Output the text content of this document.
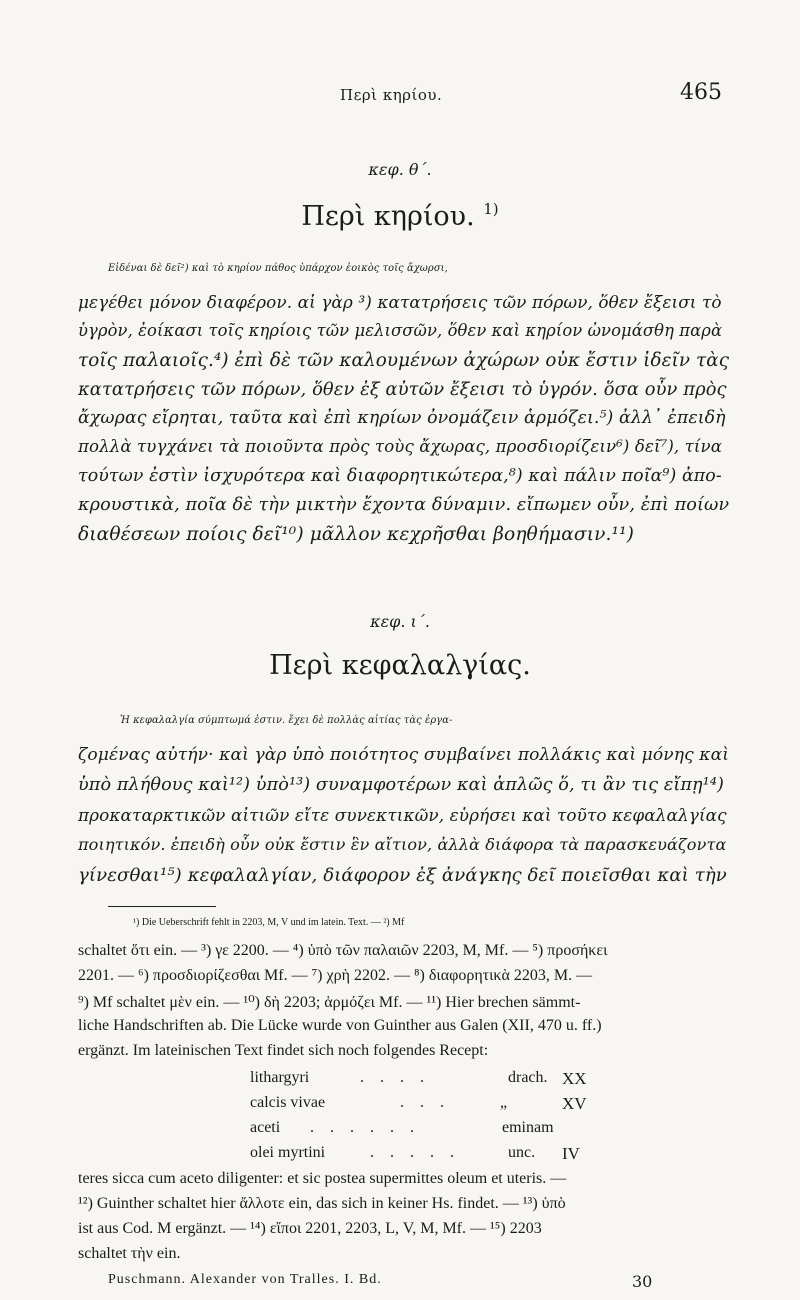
Περὶ κηρίου.	465
κεφ. θ΄.
Περὶ κηρίου. $^{1)}$
Εἰδέναι δὲ δεῖ²) καὶ τὸ κηρίον πάθος ὑπάρχον ἐοικὸς τοῖς ἄχωρσι,
μεγέθει μόνον διαφέρον. αἱ γὰρ ³) κατατρήσεις τῶν πόρων, ὅθεν ἔξεισι τὸ
ὑγρὸν, ἐοίκασι τοῖς κηρίοις τῶν μελισσῶν, ὅθεν καὶ κηρίον ὠνομάσθη παρὰ
τοῖς παλαιοῖς.⁴) ἐπὶ δὲ τῶν καλουμένων ἀχώρων οὐκ ἔστιν ἰδεῖν τὰς
κατατρήσεις τῶν πόρων, ὅθεν ἐξ αὐτῶν ἔξεισι τὸ ὑγρόν. ὅσα οὖν πρὸς
ἄχωρας εἴρηται, ταῦτα καὶ ἐπὶ κηρίων ὀνομάζειν ἁρμόζει.⁵) ἀλλ᾽ ἐπειδὴ
πολλὰ τυγχάνει τὰ ποιοῦντα πρὸς τοὺς ἄχωρας, προσδιορίζειν⁶) δεῖ⁷), τίνα
τούτων ἐστὶν ἰσχυρότερα καὶ διαφορητικώτερα,⁸) καὶ πάλιν ποῖα⁹) ἀπο-
κρουστικὰ, ποῖα δὲ τὴν μικτὴν ἔχοντα δύναμιν. εἴπωμεν οὖν, ἐπὶ ποίων
διαθέσεων ποίοις δεῖ¹⁰) μᾶλλον κεχρῆσθαι βοηθήμασιν.¹¹)
κεφ. ι΄.
Περὶ κεφαλαλγίας.
Ἡ κεφαλαλγία σύμπτωμά ἐστιν. ἔχει δὲ πολλὰς αἰτίας τὰς ἐργα-
ζομένας αὐτήν· καὶ γὰρ ὑπὸ ποιότητος συμβαίνει πολλάκις καὶ μόνης καὶ
ὑπὸ πλήθους καὶ¹²) ὑπὸ¹³) συναμφοτέρων καὶ ἁπλῶς ὅ, τι ἂν τις εἴπῃ¹⁴)
προκαταρκτικῶν αἰτιῶν εἴτε συνεκτικῶν, εὑρήσει καὶ τοῦτο κεφαλαλγίας
ποιητικόν. ἐπειδὴ οὖν οὐκ ἔστιν ἓν αἴτιον, ἀλλὰ διάφορα τὰ παρασκευάζοντα
γίνεσθαι¹⁵) κεφαλαλγίαν, διάφορον ἐξ ἀνάγκης δεῖ ποιεῖσθαι καὶ τὴν
¹) Die Ueberschrift fehlt in 2203, M, V und im latein. Text. — ²) Mf
schaltet ὅτι ein. — ³) γε 2200. — ⁴) ὑπὸ τῶν παλαιῶν 2203, M, Mf. — ⁵) προσήκει
2201. — ⁶) προσδιορίζεσθαι Mf. — ⁷) χρὴ 2202. — ⁸) διαφορητικὰ 2203, M. —
⁹) Mf schaltet μὲν ein. — ¹⁰) δὴ 2203; ἁρμόζει Mf. — ¹¹) Hier brechen sämmt-
liche Handschriften ab. Die Lücke wurde von Guinther aus Galen (XII, 470 u. ff.)
ergänzt. Im lateinischen Text findet sich noch folgendes Recept:
lithargyri	. . . .	drach. XX
calcis vivae	. . .	„	XV
aceti . . . . . .	eminam
olei myrtini	. . . . .	unc. IV
teres sicca cum aceto diligenter: et sic postea supermittes oleum et uteris. —
¹²) Guinther schaltet hier ἄλλοτε ein, das sich in keiner Hs. findet. — ¹³) ὑπὸ
ist aus Cod. M ergänzt. — ¹⁴) εἴποι 2201, 2203, L, V, M, Mf. — ¹⁵) 2203
schaltet τὴν ein.
Puschmann. Alexander von Tralles. I. Bd.	30
